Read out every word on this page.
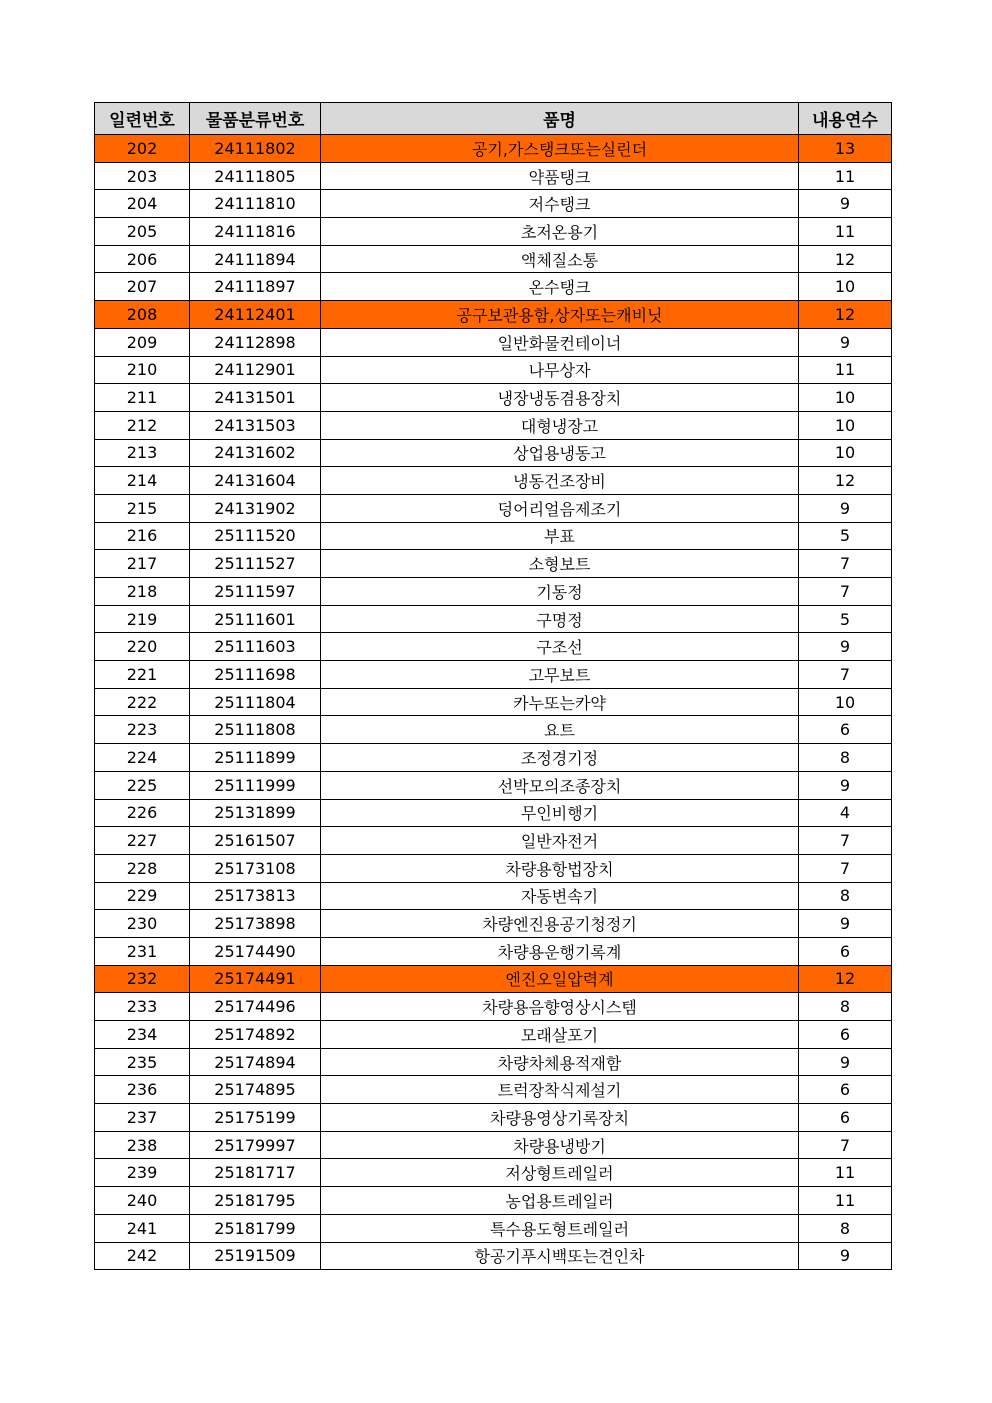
일련번호	물품분류번호	품명	내용연수
202	24111802	공기,가스탱크또는실린더	13
203	24111805	약품탱크	11
204	24111810	저수탱크	9
205	24111816	초저온용기	11
206	24111894	액체질소통	12
207	24111897	온수탱크	10
208	24112401	공구보관용함,상자또는캐비닛	12
209	24112898	일반화물컨테이너	9
210	24112901	나무상자	11
211	24131501	냉장냉동겸용장치	10
212	24131503	대형냉장고	10
213	24131602	상업용냉동고	10
214	24131604	냉동건조장비	12
215	24131902	덩어리얼음제조기	9
216	25111520	부표	5
217	25111527	소형보트	7
218	25111597	기동정	7
219	25111601	구명정	5
220	25111603	구조선	9
221	25111698	고무보트	7
222	25111804	카누또는카약	10
223	25111808	요트	6
224	25111899	조정경기정	8
225	25111999	선박모의조종장치	9
226	25131899	무인비행기	4
227	25161507	일반자전거	7
228	25173108	차량용항법장치	7
229	25173813	자동변속기	8
230	25173898	차량엔진용공기청정기	9
231	25174490	차량용운행기록계	6
232	25174491	엔진오일압력계	12
233	25174496	차량용음향영상시스템	8
234	25174892	모래살포기	6
235	25174894	차량차체용적재함	9
236	25174895	트럭장착식제설기	6
237	25175199	차량용영상기록장치	6
238	25179997	차량용냉방기	7
239	25181717	저상형트레일러	11
240	25181795	농업용트레일러	11
241	25181799	특수용도형트레일러	8
242	25191509	항공기푸시백또는견인차	9
